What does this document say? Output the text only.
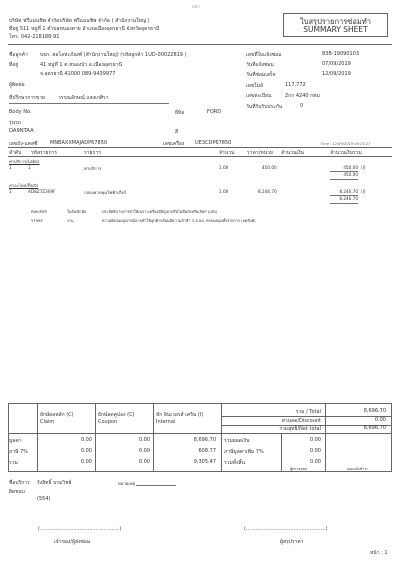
หน้า
บริษัท ฟรีแมนชิพ จำกัดบริษัท ฟรีแมนชิพ จำกัด ( สำนักงานใหญ่ )
ที่อยู่ 511 หมู่ที่ 1 ตำบลหนองคาย อำเภอเมืองอุดรธานี จังหวัดอุดรธานี
โทร. 042-218188-91
ใบสรุปรายการซ่อมทำ
SUMMARY SHEET
ชื่อลูกค้า บจก. สอโลหะภัณฑ์ (สำนักงานใหญ่) (รหัสลูกค้า 1UD-00022819 )
ที่อยู่	41 หมู่ที่ 1 ต.หนองบัว อ.เมืองอุดรธานี
จ.อุดรธานี 41000 089-9439977
ผู้ติดต่อ
ที่ปรึกษาการขาย	วรรณลักษณ์ แสงเกศิรา
เลขที่ใบแจ้งซ่อม	83B-19090103
วันที่แจ้งซ่อม	07/09/2019
วันที่ซ่อมเสร็จ	12/09/2019
เลขไมล์	117,772
เลขทะเบียน	2กก 4240 กทม
วันที่รับรับประกัน	0
Body No.	ยี่ห้อ	FORD
รุ่นรถ
DA9NTAA	สี
เลขถัง-แคสซี	MNBAXXMAJADP67850	เลขเครื่อง UE3CDP67850	Time : 12/09/2019 09:23:27
ลำดับ รหัสรายการ	รายการ	จำนวน	ราคา/หน่วย จำนวนเงิน	จำนวนเงินรวม
ค่าบริการ/Labor
1	1	ค่าบริการ	1.00	450.00	450.00 (I)
450.00
ค่าอะไหล่/Parts
1	AD8Z7Z369F	กล่องควบคุมไฟฟ้าเกียร์	1.00	8,246.70	8,246.70 (I)
8,246.70
RW0PER	ใบสั่งเบิกฟ้อ	ประสิทธิภาพการทำให้เพราะเครื่องมีปัญหาหรือไม่มีพลังหรือเกิดP (แจ้ง)
YT99E	งาน	ความผิดของอุปกรณ์อาจทำให้ลูกค้าพร้อมมีความล้าช้า 3-5 ผล. ครอบคลุมทั้งรายการ (อดลิงค์)
ยักษ์ผลหลัก (C)
Claim
ยักษ์ลดคูปอง (C)
Coupon
หัก อินเวอรส์ เคริน (I)
Internal
รวม / Total	8,696.70
ส่วนลด/Discount	0.00
รวมสุทธิ/Net total	8,696.70
มูลค่า	0.00	0.00	8,696.70
ภาษี 7%	0.00	0.00	608.77
รวม	0.00	0.00	9,305.47
รวมยอดเงิน	0.00
ภาษีมูลค่าเพิ่ม 7%	0.00
รวมทั้งสิ้น	0.00
ผู้ตรวจสอบ	ยอดแจ้งชำระ
ชื่อบริการ รังสิทธิ์ บรมวิชย์
ผิดชอบ
(554)
หมายเหตุ
(..................................................)
เจ้าของ/ผู้ส่งซ่อม
(..................................................)
ผู้สรุปราคา
หน้า : 1
